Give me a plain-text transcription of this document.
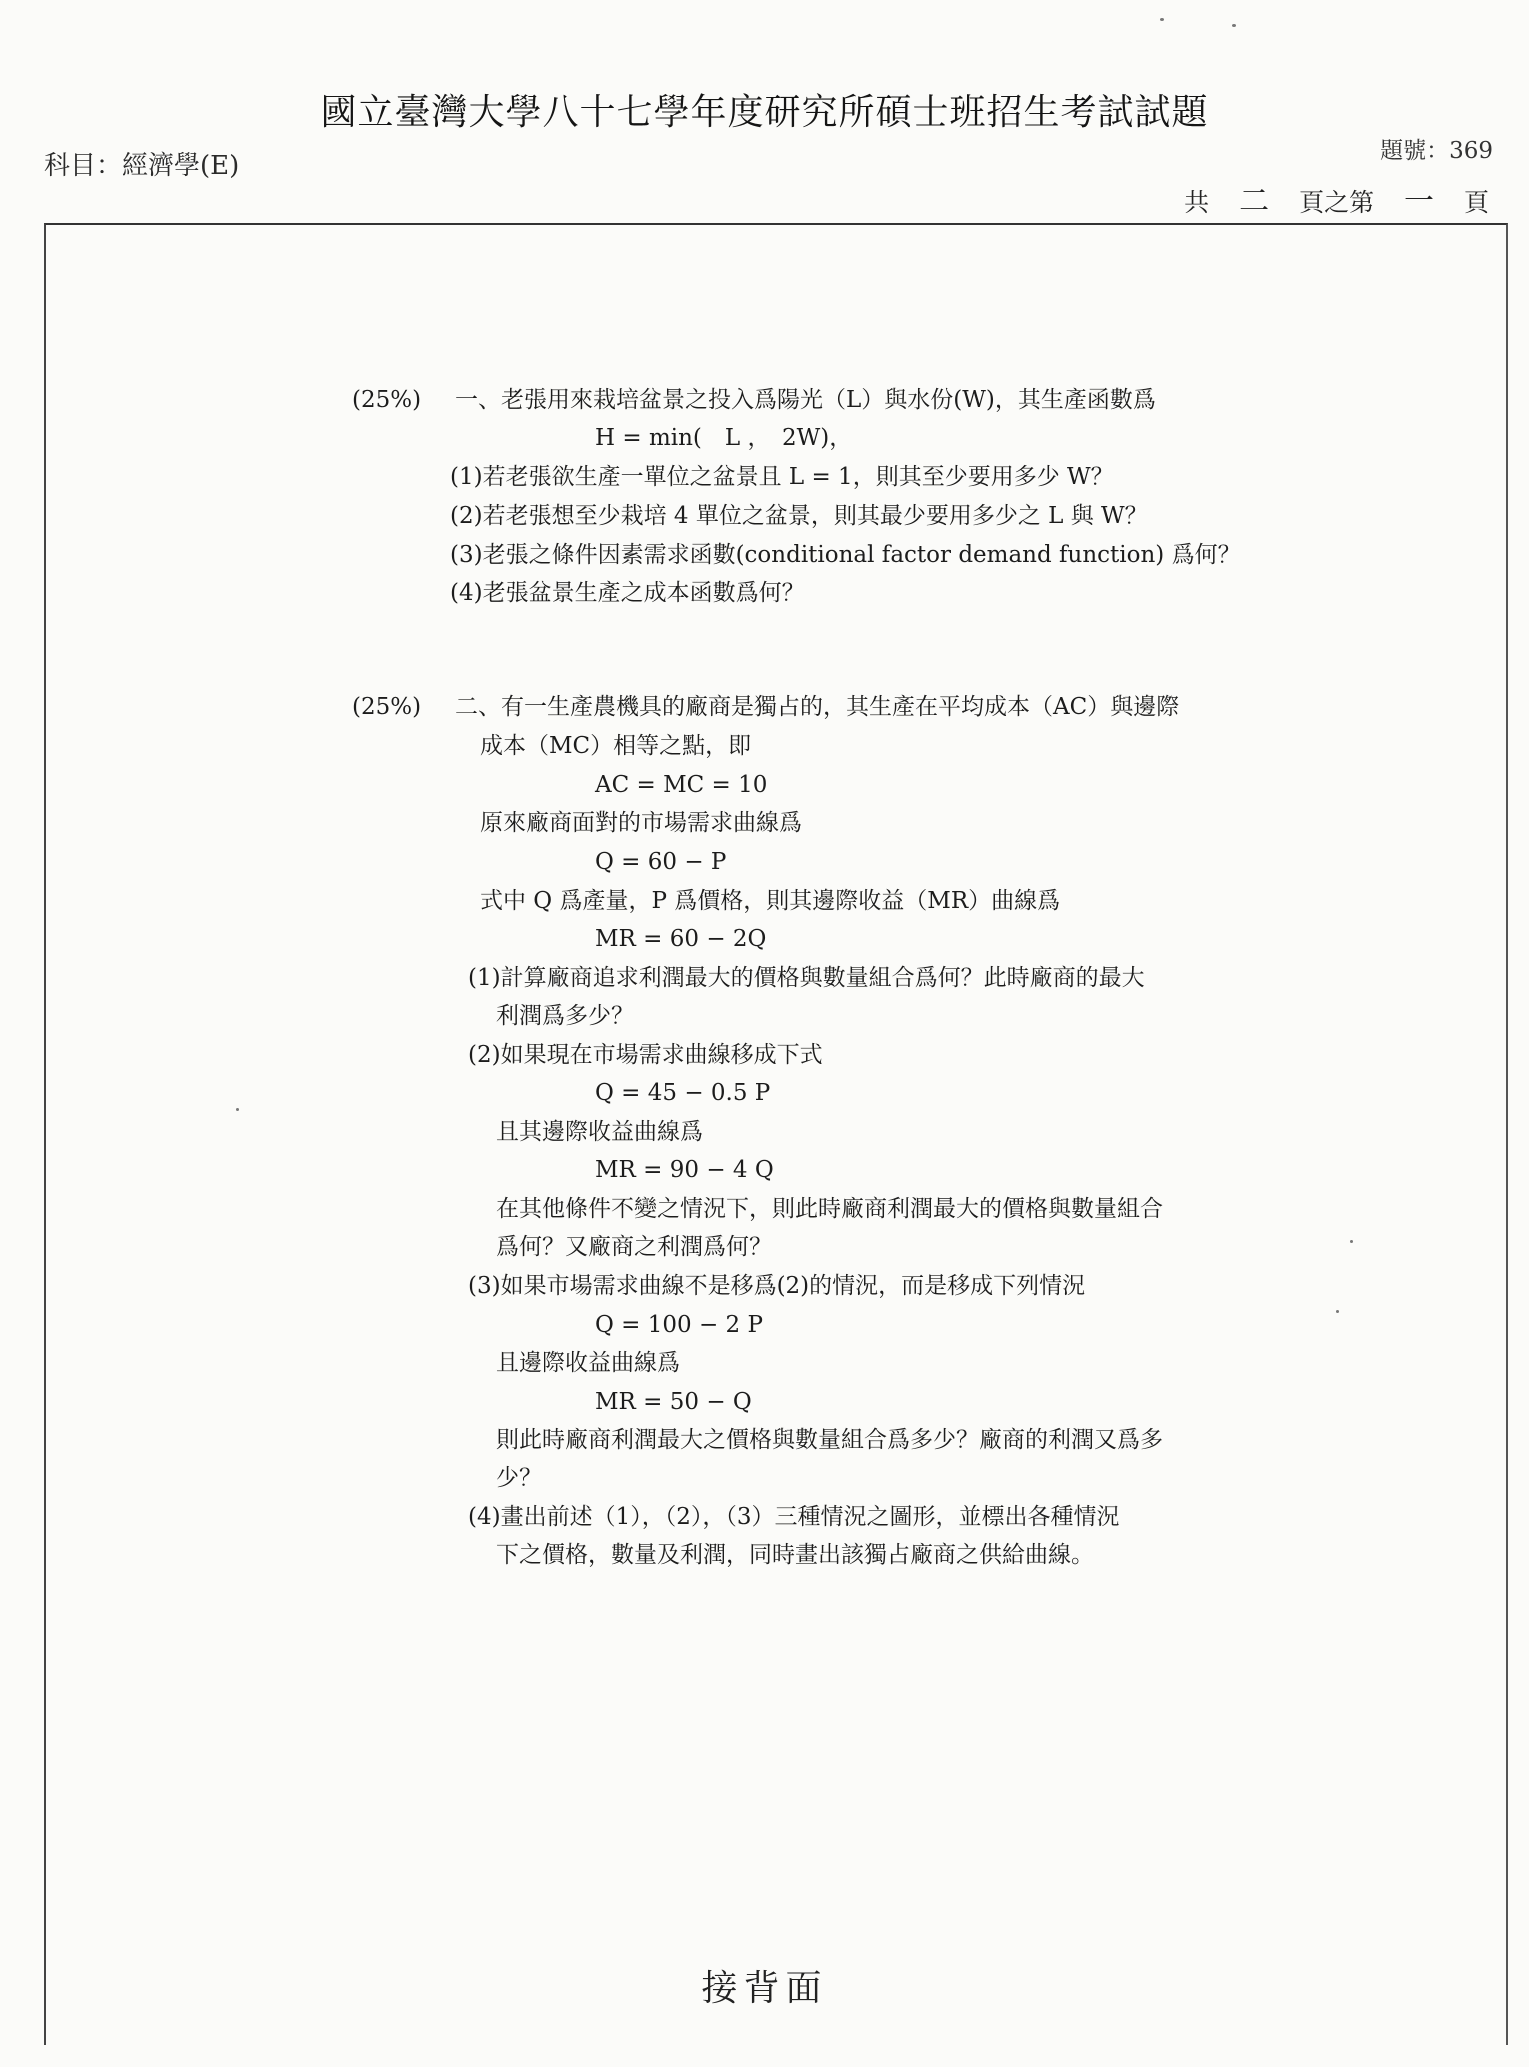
國立臺灣大學八十七學年度研究所碩士班招生考試試題
科目：經濟學(E)	題號：369
共 二 頁之第 一 頁
(25%) 一、老張用來栽培盆景之投入爲陽光（L）與水份(W)，其生產函數爲
H = min(　L ，　2W)，
(1)若老張欲生產一單位之盆景且 L = 1，則其至少要用多少 W？
(2)若老張想至少栽培 4 單位之盆景，則其最少要用多少之 L 與 W？
(3)老張之條件因素需求函數(conditional factor demand function) 爲何？
(4)老張盆景生產之成本函數爲何？
(25%) 二、有一生產農機具的廠商是獨占的，其生產在平均成本（AC）與邊際
成本（MC）相等之點，即
AC = MC = 10
原來廠商面對的市場需求曲線爲
Q = 60 − P
式中 Q 爲產量，P 爲價格，則其邊際收益（MR）曲線爲
MR = 60 − 2Q
(1)計算廠商追求利潤最大的價格與數量組合爲何？此時廠商的最大
利潤爲多少？
(2)如果現在市場需求曲線移成下式
Q = 45 − 0.5 P
且其邊際收益曲線爲
MR = 90 − 4 Q
在其他條件不變之情況下，則此時廠商利潤最大的價格與數量組合
爲何？又廠商之利潤爲何？
(3)如果市場需求曲線不是移爲(2)的情況，而是移成下列情況
Q = 100 − 2 P
且邊際收益曲線爲
MR = 50 − Q
則此時廠商利潤最大之價格與數量組合爲多少？廠商的利潤又爲多
少？
(4)畫出前述（1），（2），（3）三種情況之圖形，並標出各種情況
下之價格，數量及利潤，同時畫出該獨占廠商之供給曲線。
接背面
